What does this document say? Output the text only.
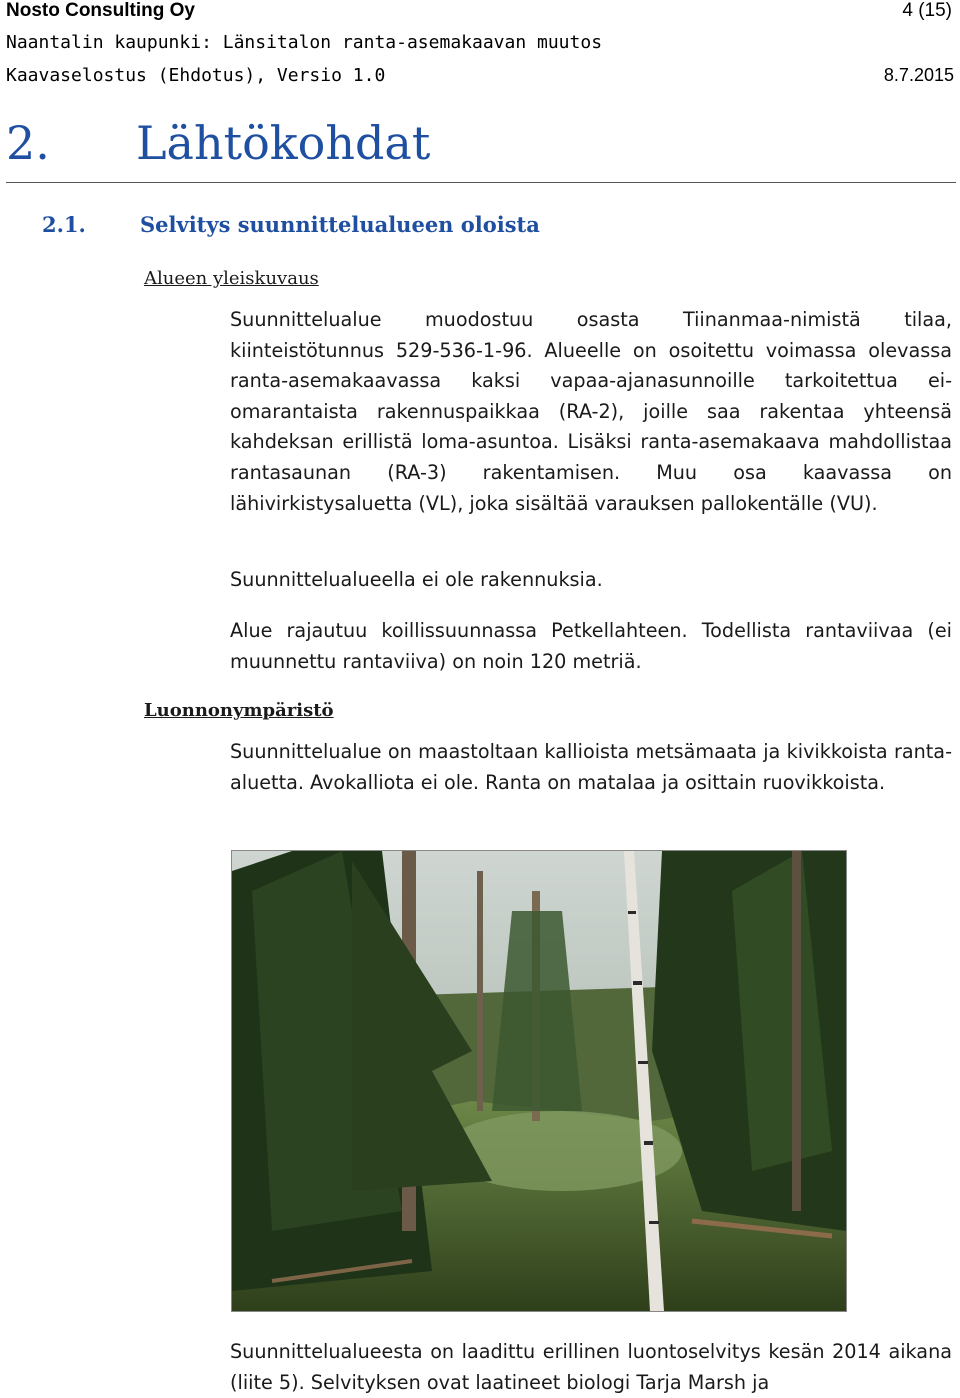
Nosto Consulting Oy	4 (15)
Naantalin kaupunki: Länsitalon ranta-asemakaavan muutos
Kaavaselostus (Ehdotus), Versio 1.0	8.7.2015
2. Lähtökohdat
2.1.	Selvitys suunnittelualueen oloista
Alueen yleiskuvaus

Suunnittelualue muodostuu osasta Tiinanmaa-nimistä tilaa, kiinteistötunnus 529-536-1-96. Alueelle on osoitettu voimassa olevassa ranta-asemakaavassa kaksi vapaa-ajanasunnoille tarkoitettua ei-omarantaista rakennuspaikkaa (RA-2), joille saa rakentaa yhteensä kahdeksan erillistä loma-asuntoa. Lisäksi ranta-asemakaava mahdollistaa rantasaunan (RA-3) rakentamisen. Muu osa kaavassa on lähivirkistysaluetta (VL), joka sisältää varauksen pallokentälle (VU).

Suunnittelualueella ei ole rakennuksia.

Alue rajautuu koillissuunnassa Petkellahteen. Todellista rantaviivaa (ei muunnettu rantaviiva) on noin 120 metriä.

Luonnonympäristö

Suunnittelualue on maastoltaan kallioista metsämaata ja kivikkoista ranta-aluetta. Avokalliota ei ole. Ranta on matalaa ja osittain ruovikkoista.

Suunnittelualueesta on laadittu erillinen luontoselvitys kesän 2014 aikana (liite 5). Selvityksen ovat laatineet biologi Tarja Marsh ja
